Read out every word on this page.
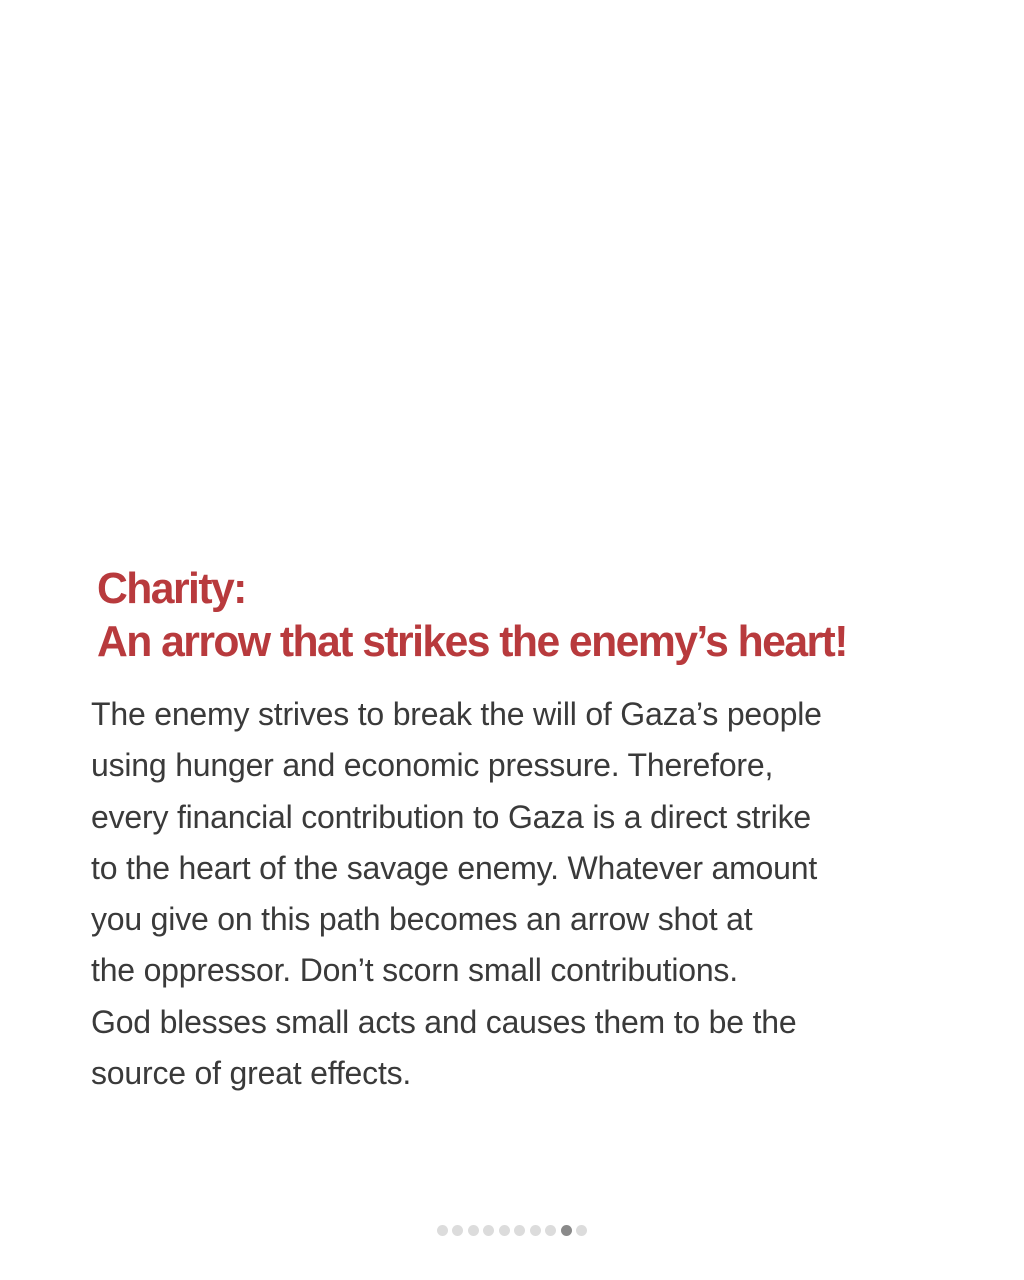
Charity:
An arrow that strikes the enemy’s heart!
The enemy strives to break the will of Gaza’s people
using hunger and economic pressure. Therefore,
every financial contribution to Gaza is a direct strike
to the heart of the savage enemy. Whatever amount
you give on this path becomes an arrow shot at
the oppressor. Don’t scorn small contributions.
God blesses small acts and causes them to be the
source of great effects.
